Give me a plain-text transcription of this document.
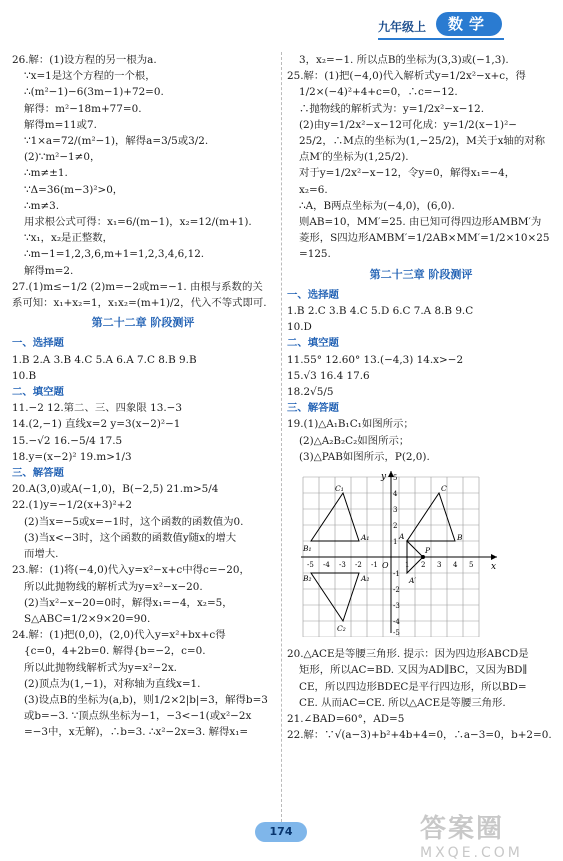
九年级上	数学
26.解：(1)设方程的另一根为a.
∵x=1是这个方程的一个根，
∴(m²−1)−6(3m−1)+72=0.
解得：m²−18m+77=0.
解得m=11或7.
∵1×a=72/(m²−1)，解得a=3/5或3/2.
(2)∵m²−1≠0，
∴m≠±1.
∵Δ=36(m−3)²>0，
∴m≠3.
用求根公式可得：x₁=6/(m−1)，x₂=12/(m+1).
∵x₁，x₂是正整数，
∴m−1=1,2,3,6,m+1=1,2,3,4,6,12.
解得m=2.
27.(1)m≤−1/2 (2)m=−2或m=−1. 由根与系数的关
系可知：x₁+x₂=1，x₁x₂=(m+1)/2，代入不等式即可.
第二十二章 阶段测评
一、选择题
1.B 2.A 3.B 4.C 5.A 6.A 7.C 8.B 9.B
10.B
二、填空题
11.−2 12.第二、三、四象限 13.−3
14.(2,−1) 直线x=2 y=3(x−2)²−1
15.−√2 16.−5/4 17.5
18.y=(x−2)² 19.m>1/3
三、解答题
20.A(3,0)或A(−1,0)，B(−2,5) 21.m>5/4
22.(1)y=−1/2(x+3)²+2
(2)当x=−5或x=−1时，这个函数的函数值为0.
(3)当x<−3时，这个函数的函数值y随x的增大
而增大.
23.解：(1)将(−4,0)代入y=x²−x+c中得c=−20，
所以此抛物线的解析式为y=x²−x−20.
(2)当x²−x−20=0时，解得x₁=−4，x₂=5，
S△ABC=1/2×9×20=90.
24.解：(1)把(0,0)，(2,0)代入y=x²+bx+c得
{c=0，4+2b=0. 解得{b=−2，c=0.
所以此抛物线解析式为y=x²−2x.
(2)顶点为(1,−1)，对称轴为直线x=1.
(3)设点B的坐标为(a,b)，则1/2×2|b|=3，解得b=3
或b=−3. ∵顶点纵坐标为−1，−3<−1(或x²−2x
=−3中，x无解)，∴b=3. ∴x²−2x=3. 解得x₁=
3，x₂=−1. 所以点B的坐标为(3,3)或(−1,3).
25.解：(1)把(−4,0)代入解析式y=1/2x²−x+c，得
1/2×(−4)²+4+c=0，∴c=−12.
∴抛物线的解析式为：y=1/2x²−x−12.
(2)由y=1/2x²−x−12可化成：y=1/2(x−1)²−
25/2，∴M点的坐标为(1,−25/2)，M关于x轴的对称
点M′的坐标为(1,25/2).
对于y=1/2x²−x−12，令y=0，解得x₁=−4，
x₂=6.
∴A，B两点坐标为(−4,0)，(6,0).
则AB=10，MM′=25. 由已知可得四边形AMBM′为
菱形，S四边形AMBM′=1/2AB×MM′=1/2×10×25
=125.
第二十三章 阶段测评
一、选择题
1.B 2.C 3.B 4.C 5.D 6.C 7.A 8.B 9.C
10.D
二、填空题
11.55° 12.60° 13.(−4,3) 14.x>−2
15.√3 16.4 17.6
18.2√5/5
三、解答题
19.(1)△A₁B₁C₁如图所示；
(2)△A₂B₂C₂如图所示；
(3)△PAB如图所示，P(2,0).
x
y
O
-5 -4 -3 -2 -1	1 2 3 4 5
5
4
3
2
1
-1
-2
-3
-4
-5
C₁
A₁
B₁
C
A	B
B₂	A₂
C₂
P
A′
20.△ACE是等腰三角形. 提示：因为四边形ABCD是
矩形，所以AC=BD. 又因为AD∥BC，又因为BD∥
CE，所以四边形BDEC是平行四边形，所以BD=
CE. 从而AC=CE. 所以△ACE是等腰三角形.
21.∠BAD=60°，AD=5
22.解：∵√(a−3)+b²+4b+4=0，∴a−3=0，b+2=0.
174	答案圈
MXQE.COM
